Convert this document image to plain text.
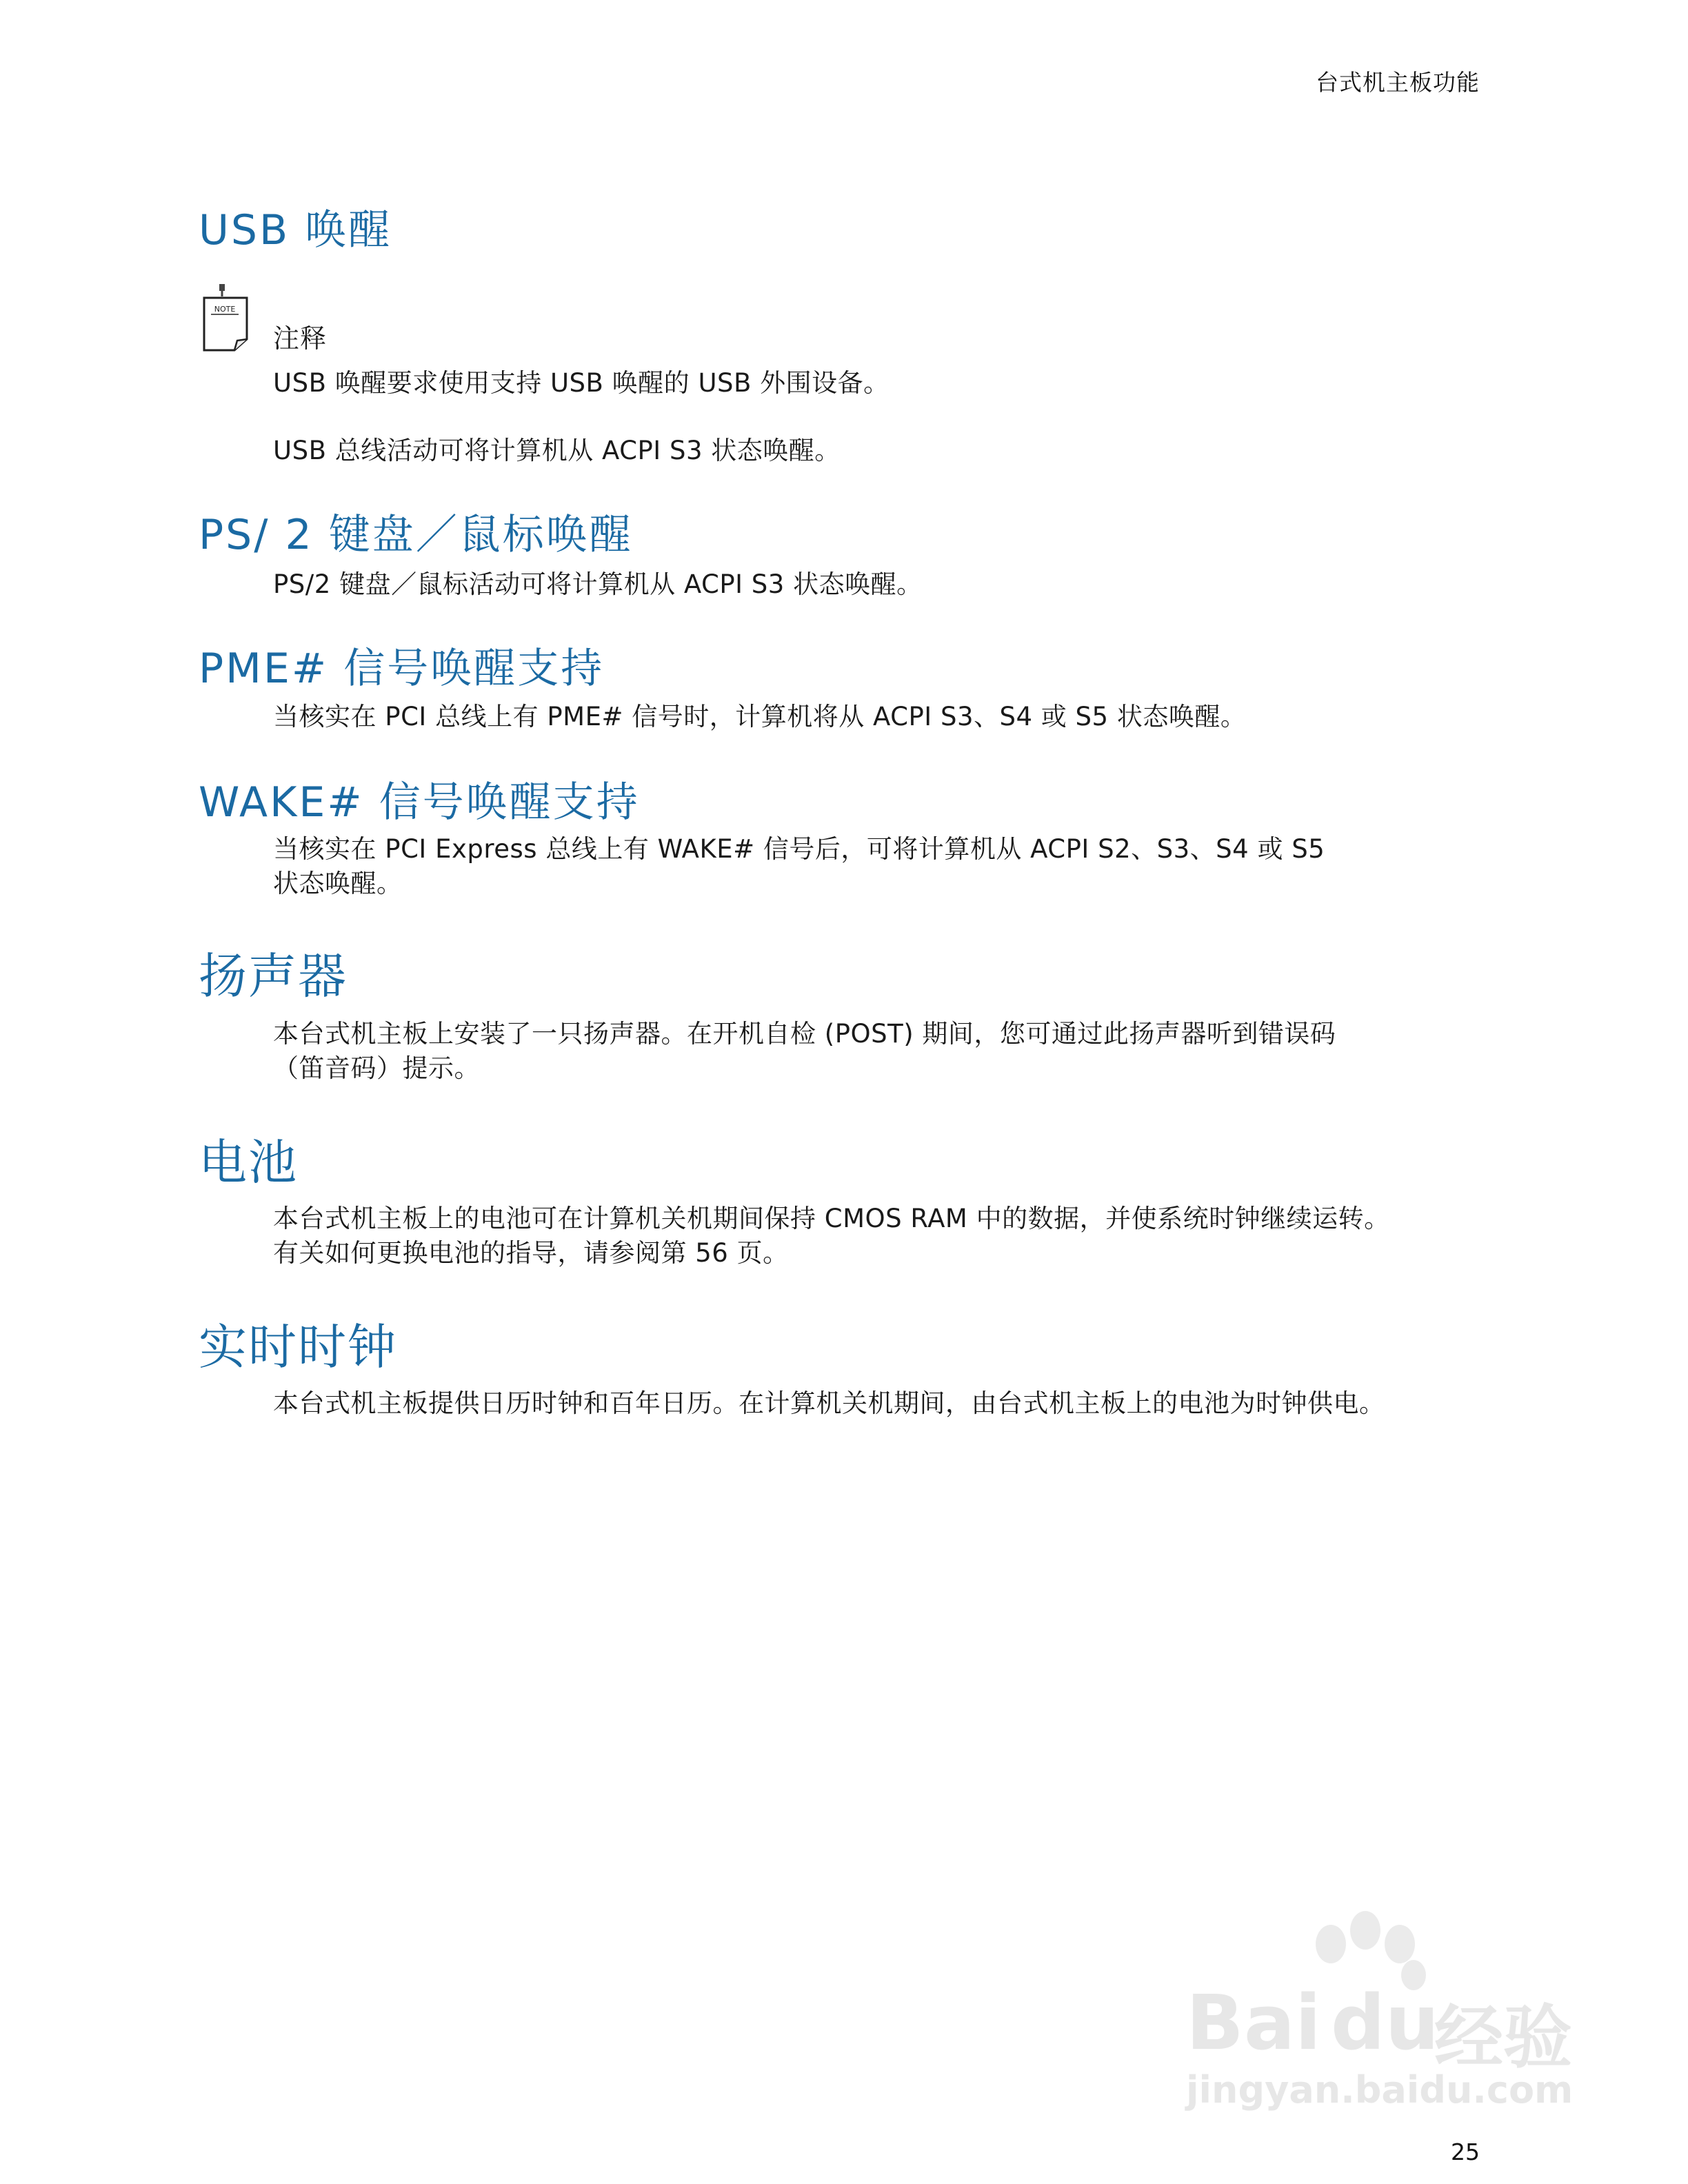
台式机主板功能
USB 唤醒
NOTE
注释

USB 唤醒要求使用支持 USB 唤醒的 USB 外围设备。

USB 总线活动可将计算机从 ACPI S3 状态唤醒。

PS/ 2 键盘／鼠标唤醒

PS/2 键盘／鼠标活动可将计算机从 ACPI S3 状态唤醒。

PME# 信号唤醒支持

当核实在 PCI 总线上有 PME# 信号时，计算机将从 ACPI S3、S4 或 S5 状态唤醒。

WAKE# 信号唤醒支持

当核实在 PCI Express 总线上有 WAKE# 信号后，可将计算机从 ACPI S2、S3、S4 或 S5

状态唤醒。

扬声器

本台式机主板上安装了一只扬声器。在开机自检 (POST) 期间，您可通过此扬声器听到错误码

（笛音码）提示。

电池

本台式机主板上的电池可在计算机关机期间保持 CMOS RAM 中的数据，并使系统时钟继续运转。

有关如何更换电池的指导，请参阅第 56 页。

实时时钟

本台式机主板提供日历时钟和百年日历。在计算机关机期间，由台式机主板上的电池为时钟供电。

Bai du
经验
jingyan.baidu.com
25
